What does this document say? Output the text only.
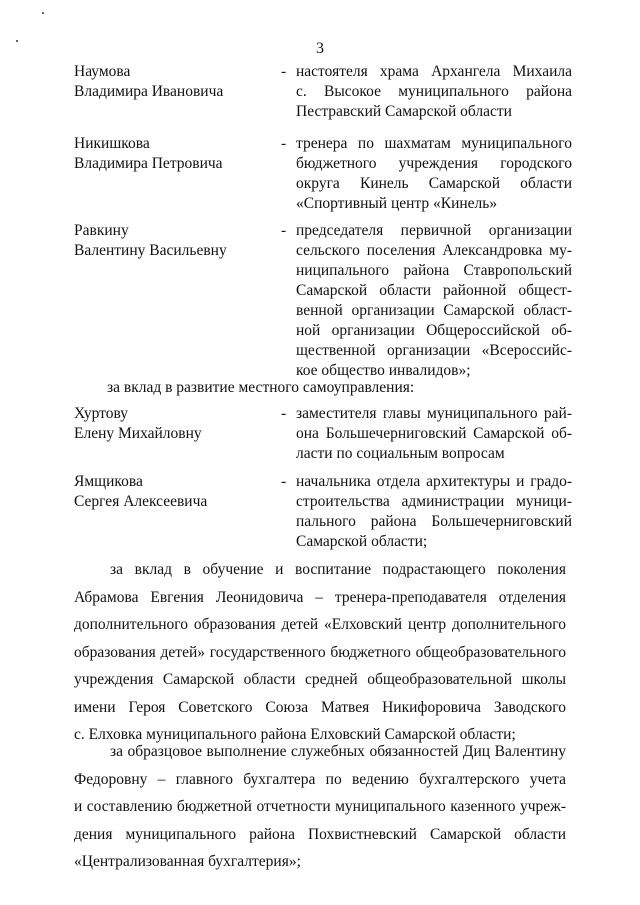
3
Наумова
Владимира Ивановича
- настоятеля храма Архангела Михаила
с. Высокое муниципального района
Пестравский Самарской области
Никишкова
Владимира Петровича
- тренера по шахматам муниципального
бюджетного учреждения городского
округа Кинель Самарской области
«Спортивный центр «Кинель»
Равкину
Валентину Васильевну
- председателя первичной организации
сельского поселения Александровка му-
ниципального района Ставропольский
Самарской области районной общест-
венной организации Самарской област-
ной организации Общероссийской об-
щественной организации «Всероссийс-
кое общество инвалидов»;
за вклад в развитие местного самоуправления:
Хуртову
Елену Михайловну
- заместителя главы муниципального рай-
она Большечерниговский Самарской об-
ласти по социальным вопросам
Ямщикова
Сергея Алексеевича
- начальника отдела архитектуры и градо-
строительства администрации муници-
пального района Большечерниговский
Самарской области;
за вклад в обучение и воспитание подрастающего поколения
Абрамова Евгения Леонидовича – тренера-преподавателя отделения
дополнительного образования детей «Елховский центр дополнительного
образования детей» государственного бюджетного общеобразовательного
учреждения Самарской области средней общеобразовательной школы
имени Героя Советского Союза Матвея Никифоровича Заводского
с. Елховка муниципального района Елховский Самарской области;
за образцовое выполнение служебных обязанностей Диц Валентину
Федоровну – главного бухгалтера по ведению бухгалтерского учета
и составлению бюджетной отчетности муниципального казенного учреж-
дения муниципального района Похвистневский Самарской области
«Централизованная бухгалтерия»;
